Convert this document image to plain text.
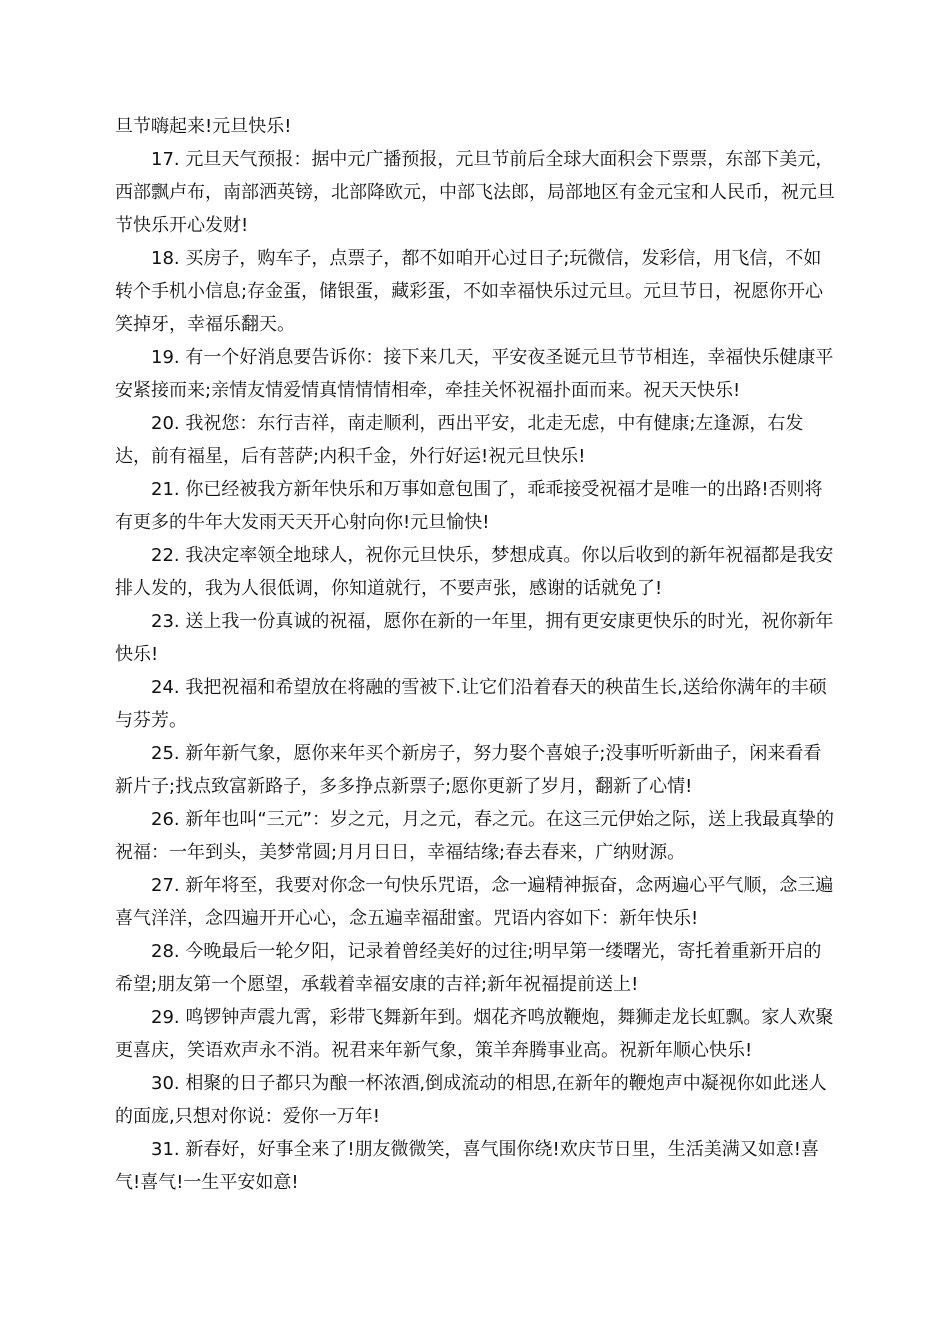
旦节嗨起来!元旦快乐!

17. 元旦天气预报：据中元广播预报，元旦节前后全球大面积会下票票，东部下美元，西部飘卢布，南部洒英镑，北部降欧元，中部飞法郎，局部地区有金元宝和人民币，祝元旦节快乐开心发财!

18. 买房子，购车子，点票子，都不如咱开心过日子;玩微信，发彩信，用飞信，不如转个手机小信息;存金蛋，储银蛋，藏彩蛋，不如幸福快乐过元旦。元旦节日，祝愿你开心笑掉牙，幸福乐翻天。

19. 有一个好消息要告诉你：接下来几天，平安夜圣诞元旦节节相连，幸福快乐健康平安紧接而来;亲情友情爱情真情情情相牵，牵挂关怀祝福扑面而来。祝天天快乐!

20. 我祝您：东行吉祥，南走顺利，西出平安，北走无虑，中有健康;左逢源，右发达，前有福星，后有菩萨;内积千金，外行好运!祝元旦快乐!

21. 你已经被我方新年快乐和万事如意包围了，乖乖接受祝福才是唯一的出路!否则将有更多的牛年大发雨天天开心射向你!元旦愉快!

22. 我决定率领全地球人，祝你元旦快乐，梦想成真。你以后收到的新年祝福都是我安排人发的，我为人很低调，你知道就行，不要声张，感谢的话就免了!

23. 送上我一份真诚的祝福，愿你在新的一年里，拥有更安康更快乐的时光，祝你新年快乐!

24. 我把祝福和希望放在将融的雪被下.让它们沿着春天的秧苗生长,送给你满年的丰硕与芬芳。

25. 新年新气象，愿你来年买个新房子，努力娶个喜娘子;没事听听新曲子，闲来看看新片子;找点致富新路子，多多挣点新票子;愿你更新了岁月，翻新了心情!

26. 新年也叫“三元”：岁之元，月之元，春之元。在这三元伊始之际，送上我最真挚的祝福：一年到头，美梦常圆;月月日日，幸福结缘;春去春来，广纳财源。

27. 新年将至，我要对你念一句快乐咒语，念一遍精神振奋，念两遍心平气顺，念三遍喜气洋洋，念四遍开开心心，念五遍幸福甜蜜。咒语内容如下：新年快乐!

28. 今晚最后一轮夕阳，记录着曾经美好的过往;明早第一缕曙光，寄托着重新开启的希望;朋友第一个愿望，承载着幸福安康的吉祥;新年祝福提前送上!

29. 鸣锣钟声震九霄，彩带飞舞新年到。烟花齐鸣放鞭炮，舞狮走龙长虹飘。家人欢聚更喜庆，笑语欢声永不消。祝君来年新气象，策羊奔腾事业高。祝新年顺心快乐!

30. 相聚的日子都只为酿一杯浓酒,倒成流动的相思,在新年的鞭炮声中凝视你如此迷人的面庞,只想对你说：爱你一万年!

31. 新春好，好事全来了!朋友微微笑，喜气围你绕!欢庆节日里，生活美满又如意!喜气!喜气!一生平安如意!
